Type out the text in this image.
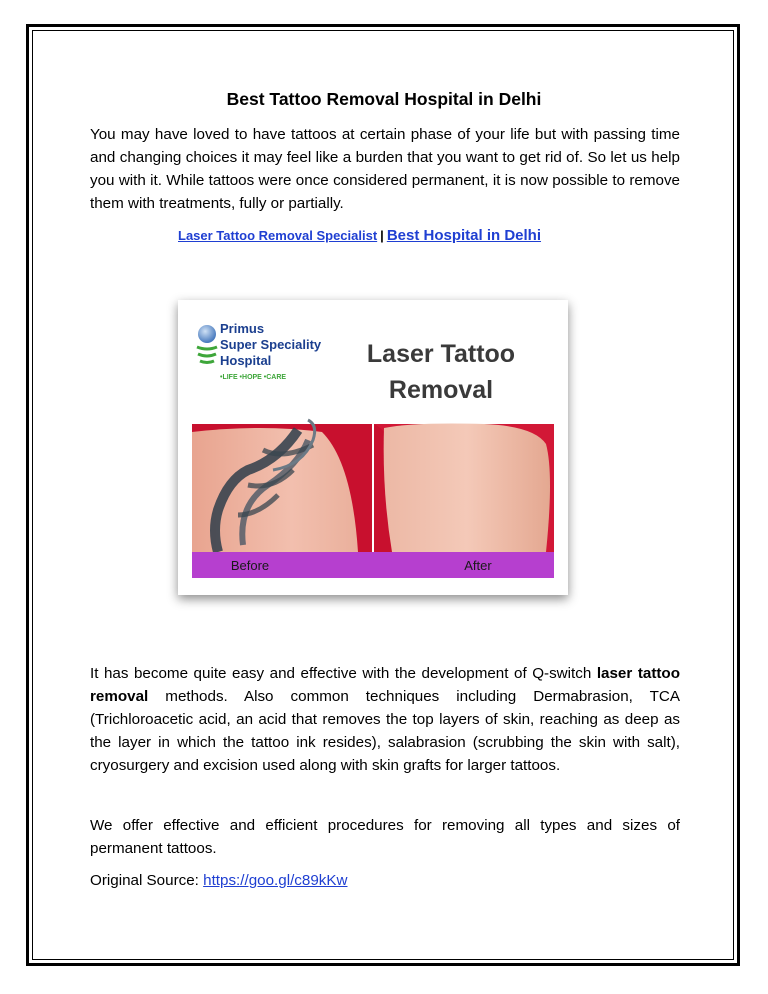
Best Tattoo Removal Hospital in Delhi

You may have loved to have tattoos at certain phase of your life but with passing time and changing choices it may feel like a burden that you want to get rid of. So let us help you with it. While tattoos were once considered permanent, it is now possible to remove them with treatments, fully or partially.

Laser Tattoo Removal Specialist | Best Hospital in Delhi
Primus
Super Speciality
Hospital
•LIFE •HOPE •CARE
Laser Tattoo
Removal
Before	After

It has become quite easy and effective with the development of Q-switch laser tattoo removal methods. Also common techniques including Dermabrasion, TCA (Trichloroacetic acid, an acid that removes the top layers of skin, reaching as deep as the layer in which the tattoo ink resides), salabrasion (scrubbing the skin with salt), cryosurgery and excision used along with skin grafts for larger tattoos.

We offer effective and efficient procedures for removing all types and sizes of permanent tattoos.

Original Source: https://goo.gl/c89kKw
